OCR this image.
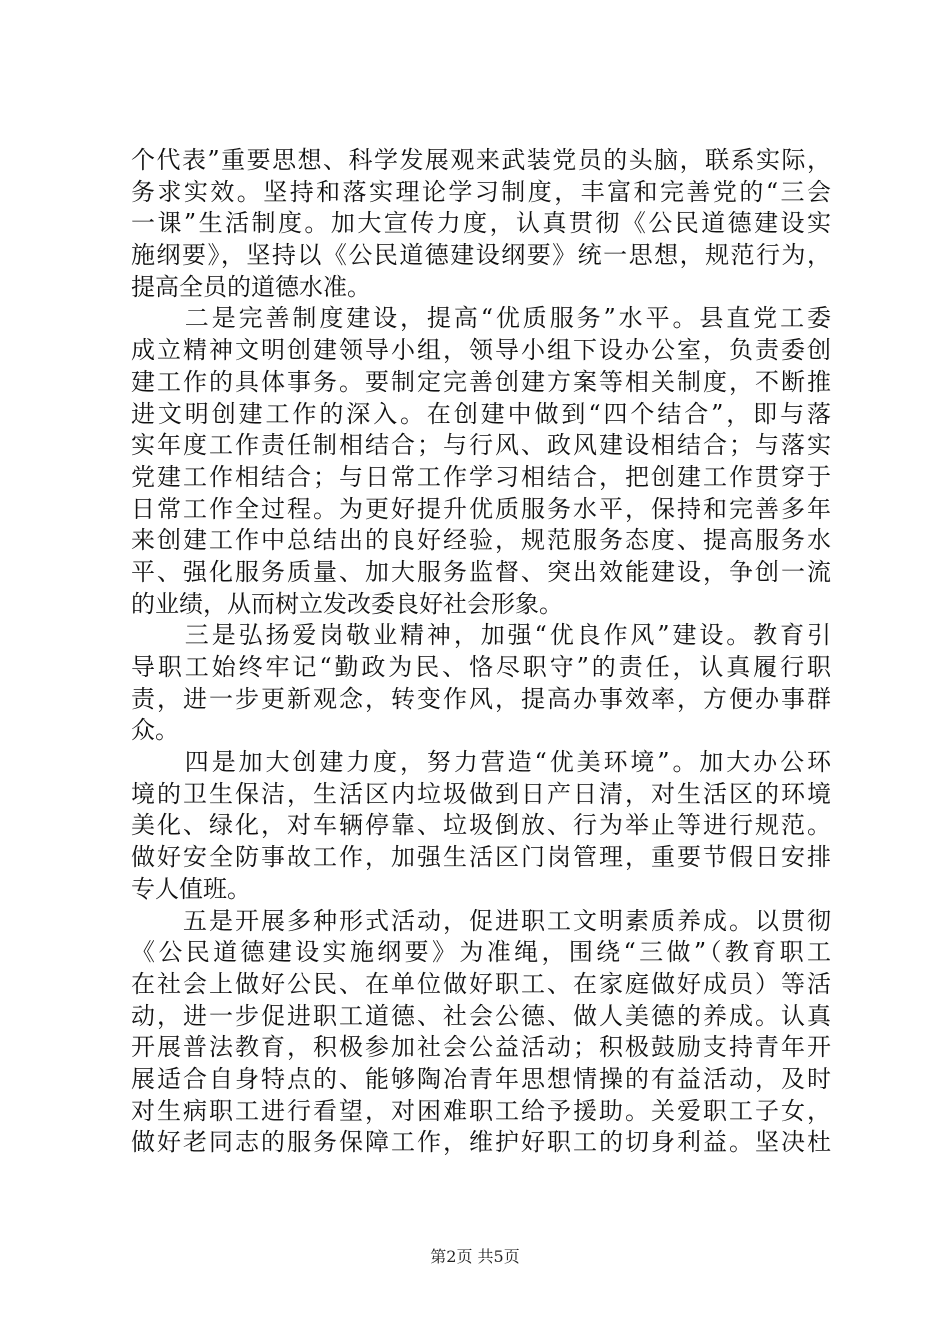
个代表”重要思想、科学发展观来武装党员的头脑，联系实际，
务求实效。坚持和落实理论学习制度，丰富和完善党的“三会
一课”生活制度。加大宣传力度，认真贯彻《公民道德建设实
施纲要》，坚持以《公民道德建设纲要》统一思想，规范行为，
提高全员的道德水准。
　　二是完善制度建设，提高“优质服务”水平。县直党工委
成立精神文明创建领导小组，领导小组下设办公室，负责委创
建工作的具体事务。要制定完善创建方案等相关制度，不断推
进文明创建工作的深入。在创建中做到“四个结合”，即与落
实年度工作责任制相结合；与行风、政风建设相结合；与落实
党建工作相结合；与日常工作学习相结合，把创建工作贯穿于
日常工作全过程。为更好提升优质服务水平，保持和完善多年
来创建工作中总结出的良好经验，规范服务态度、提高服务水
平、强化服务质量、加大服务监督、突出效能建设，争创一流
的业绩，从而树立发改委良好社会形象。
　　三是弘扬爱岗敬业精神，加强“优良作风”建设。教育引
导职工始终牢记“勤政为民、恪尽职守”的责任，认真履行职
责，进一步更新观念，转变作风，提高办事效率，方便办事群
众。
　　四是加大创建力度，努力营造“优美环境”。加大办公环
境的卫生保洁，生活区内垃圾做到日产日清，对生活区的环境
美化、绿化，对车辆停靠、垃圾倒放、行为举止等进行规范。
做好安全防事故工作，加强生活区门岗管理，重要节假日安排
专人值班。
　　五是开展多种形式活动，促进职工文明素质养成。以贯彻
《公民道德建设实施纲要》为准绳，围绕“三做”（教育职工
在社会上做好公民、在单位做好职工、在家庭做好成员）等活
动，进一步促进职工道德、社会公德、做人美德的养成。认真
开展普法教育，积极参加社会公益活动；积极鼓励支持青年开
展适合自身特点的、能够陶冶青年思想情操的有益活动，及时
对生病职工进行看望，对困难职工给予援助。关爱职工子女，
做好老同志的服务保障工作，维护好职工的切身利益。坚决杜
第2页 共5页
